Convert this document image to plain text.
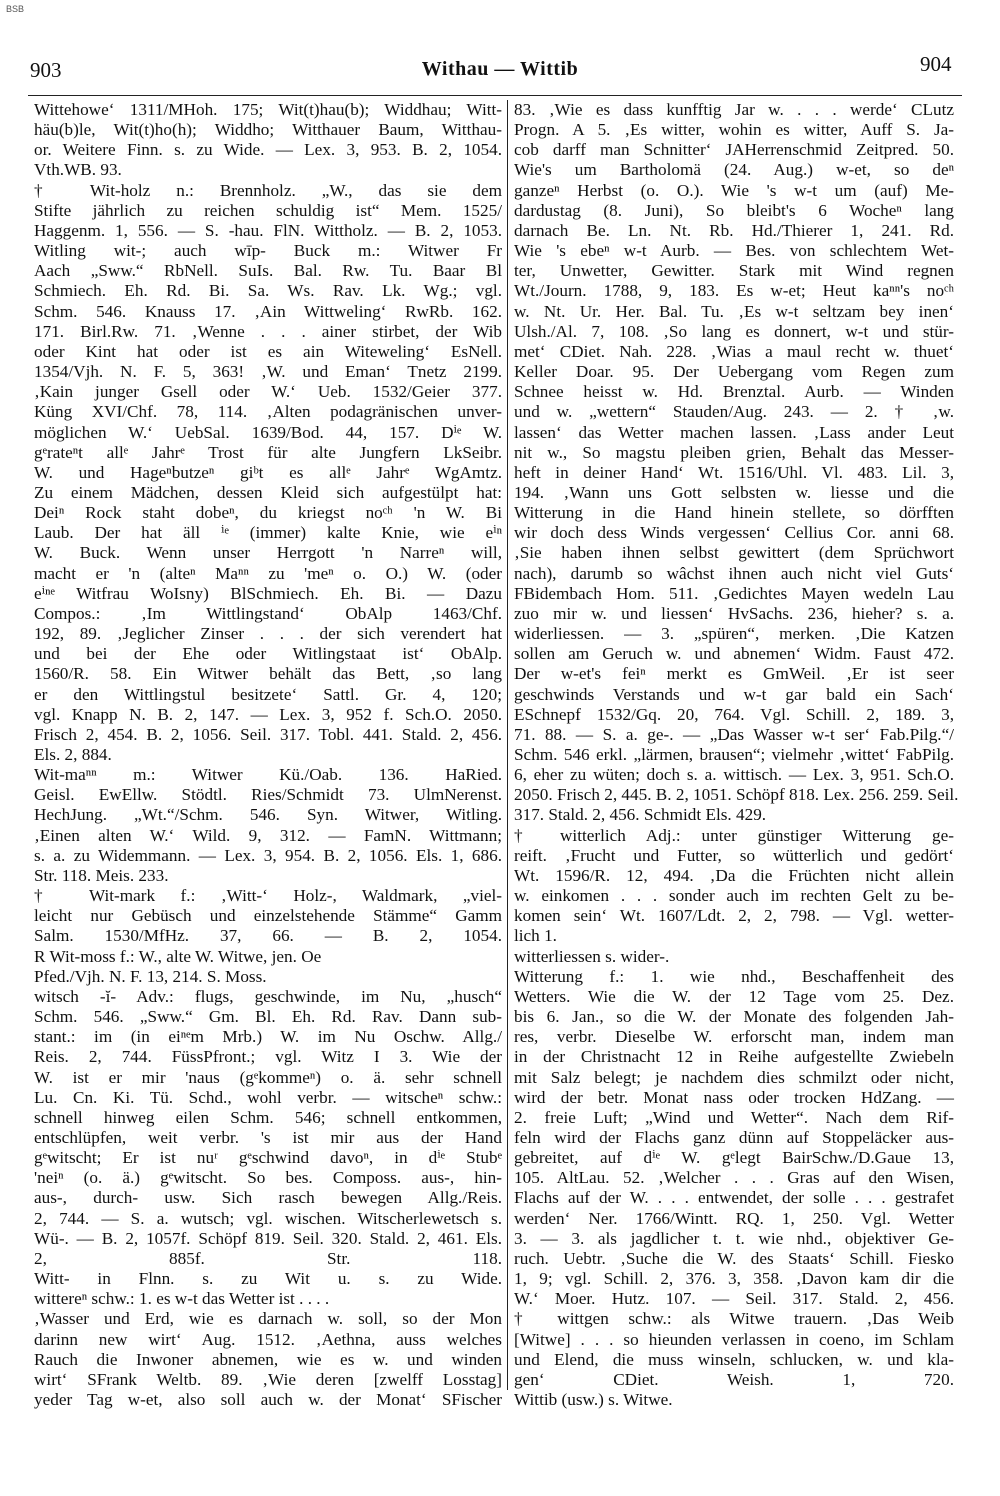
BSB
903	Withau — Wittib	904
Wittehowe‘ 1311/MHoh. 175; Wit(t)hau(b); Widdhau; Witt-
häu(b)le, Wit(t)ho(h); Widdho; Witthauer Baum, Witthau-
or. Weitere Finn. s. zu Wide. — Lex. 3, 953. B. 2, 1054.
Vth.WB. 93.
† Wit-holz n.: Brennholz. „W., das sie dem
Stifte jährlich zu reichen schuldig ist“ Mem. 1525/
Haggenm. 1, 556. — S. -hau. FlN. Wittholz. — B. 2, 1053.
Witling wit-; auch wīp- Buck m.: Witwer Fr
Aach „Sww.“ RbNell. SuIs. Bal. Rw. Tu. Baar Bl
Schmiech. Eh. Rd. Bi. Sa. Ws. Rav. Lk. Wg.; vgl.
Schm. 546. Knauss 17. ‚Ain Wittweling‘ RwRb. 162.
171. Birl.Rw. 71. ‚Wenne . . . ainer stirbet, der Wib
oder Kint hat oder ist es ain Witeweling‘ EsNell.
1354/Vjh. N. F. 5, 363! ‚W. und Eman‘ Tnetz 2199.
‚Kain junger Gsell oder W.‘ Ueb. 1532/Geier 377.
Küng XVI/Chf. 78, 114. ‚Alten podagränischen unver-
möglichen W.‘ UebSal. 1639/Bod. 44, 157. Dⁱᵉ W.
gᵉrateⁿt allᵉ Jahrᵉ Trost für alte Jungfern LkSeibr.
W. und Hageⁿbutzeⁿ giᵇt es allᵉ Jahrᵉ WgAmtz.
Zu einem Mädchen, dessen Kleid sich aufgestülpt hat:
Deiⁿ Rock staht dobeⁿ, du kriegst noᶜʰ 'n W. Bi
Laub. Der hat äll ⁱᵉ (immer) kalte Knie, wie eⁱⁿ
W. Buck. Wenn unser Herrgott 'n Narreⁿ will,
macht er 'n (alteⁿ Maⁿⁿ zu 'meⁿ o. O.) W. (oder
eⁱⁿᵉ Witfrau WoIsny) BlSchmiech. Eh. Bi. — Dazu
Compos.: ‚Im Wittlingstand‘ ObAlp 1463/Chf.
192, 89. ‚Jeglicher Zinser . . . der sich verendert hat
und bei der Ehe oder Witlingstaat ist‘ ObAlp.
1560/R. 58. Ein Witwer behält das Bett, ‚so lang
er den Wittlingstul besitzete‘ Sattl. Gr. 4, 120;
vgl. Knapp N. B. 2, 147. — Lex. 3, 952 f. Sch.O. 2050.
Frisch 2, 454. B. 2, 1056. Seil. 317. Tobl. 441. Stald. 2, 456.
Els. 2, 884.
Wit-maⁿⁿ m.: Witwer Kü./Oab. 136. HaRied.
Geisl. EwEllw. Stödtl. Ries/Schmidt 73. UlmNerenst.
HechJung. „Wt.“/Schm. 546. Syn. Witwer, Witling.
‚Einen alten W.‘ Wild. 9, 312. — FamN. Wittmann;
s. a. zu Widemmann. — Lex. 3, 954. B. 2, 1056. Els. 1, 686.
Str. 118. Meis. 233.
† Wit-mark f.: ‚Witt-‘ Holz-, Waldmark, „viel-
leicht nur Gebüsch und einzelstehende Stämme“ Gamm
Salm. 1530/MfHz. 37, 66. — B. 2, 1054.
R Wit-moss f.: W., alte W. Witwe, jen. Oe
Pfed./Vjh. N. F. 13, 214. S. Moss.
witsch -ĭ- Adv.: flugs, geschwinde, im Nu, „husch“
Schm. 546. „Sww.“ Gm. Bl. Eh. Rd. Rav. Dann sub-
stant.: im (in eiⁿᵉm Mrb.) W. im Nu Oschw. Allg./
Reis. 2, 744. FüssPfront.; vgl. Witz I 3. Wie der
W. ist er mir 'naus (gᵉkommeⁿ) o. ä. sehr schnell
Lu. Cn. Ki. Tü. Schd., wohl verbr. — witscheⁿ schw.:
schnell hinweg eilen Schm. 546; schnell entkommen,
entschlüpfen, weit verbr. 's ist mir aus der Hand
gᵉwitscht; Er ist nuʳ gᵉschwind davoⁿ, in dⁱᵉ Stubᵉ
'neiⁿ (o. ä.) gᵉwitscht. So bes. Composs. aus-, hin-
aus-, durch- usw. Sich rasch bewegen Allg./Reis.
2, 744. — S. a. wutsch; vgl. wischen. Witscherlewetsch s.
Wü-. — B. 2, 1057f. Schöpf 819. Seil. 320. Stald. 2, 461. Els.
2, 885f. Str. 118.
Witt- in Flnn. s. zu Wit u. s. zu Wide.
wittereⁿ schw.: 1. es w-t das Wetter ist . . . .
‚Wasser und Erd, wie es darnach w. soll, so der Mon
darinn new wirt‘ Aug. 1512. ‚Aethna, auss welches
Rauch die Inwoner abnemen, wie es w. und winden
wirt‘ SFrank Weltb. 89. ‚Wie deren [zwelff Losstag]
yeder Tag w-et, also soll auch w. der Monat‘ SFischer
83. ‚Wie es dass kunfftig Jar w. . . . werde‘ CLutz
Progn. A 5. ‚Es witter, wohin es witter, Auff S. Ja-
cob darff man Schnitter‘ JAHerrenschmid Zeitpred. 50.
Wie's um Bartholomä (24. Aug.) w-et, so deⁿ
ganzeⁿ Herbst (o. O.). Wie 's w-t um (auf) Me-
dardustag (8. Juni), So bleibt's 6 Wocheⁿ lang
darnach Be. Ln. Nt. Rb. Hd./Thierer 1, 241. Rd.
Wie 's ebeⁿ w-t Aurb. — Bes. von schlechtem Wet-
ter, Unwetter, Gewitter. Stark mit Wind regnen
Wt./Journ. 1788, 9, 183. Es w-et; Heut kaⁿⁿ's noᶜʰ
w. Nt. Ur. Her. Bal. Tu. ‚Es w-t seltzam bey inen‘
Ulsh./Al. 7, 108. ‚So lang es donnert, w-t und stür-
met‘ CDiet. Nah. 228. ‚Wias a maul recht w. thuet‘
Keller Doar. 95. Der Uebergang vom Regen zum
Schnee heisst w. Hd. Brenztal. Aurb. — Winden
und w. „wettern“ Stauden/Aug. 243. — 2. † ‚w.
lassen‘ das Wetter machen lassen. ‚Lass ander Leut
nit w., So magstu pleiben grien, Behalt das Messer-
heft in deiner Hand‘ Wt. 1516/Uhl. Vl. 483. Lil. 3,
194. ‚Wann uns Gott selbsten w. liesse und die
Witterung in die Hand hinein stellete, so dörfften
wir doch dess Winds vergessen‘ Cellius Cor. anni 68.
‚Sie haben ihnen selbst gewittert (dem Sprüchwort
nach), darumb so wâchst ihnen auch nicht viel Guts‘
FBidembach Hom. 511. ‚Gedichtes Mayen wedeln Lau
zuo mir w. und liessen‘ HvSachs. 236, hieher? s. a.
widerliessen. — 3. „spüren“, merken. ‚Die Katzen
sollen am Geruch w. und abnemen‘ Widm. Faust 472.
Der w-et's feiⁿ merkt es GmWeil. ‚Er ist seer
geschwinds Verstands und w-t gar bald ein Sach‘
ESchnepf 1532/Gq. 20, 764. Vgl. Schill. 2, 189. 3,
71. 88. — S. a. ge-. — „Das Wasser w-t ser‘ Fab.Pilg.“/
Schm. 546 erkl. „lärmen, brausen“; vielmehr ‚wittet‘ FabPilg.
6, eher zu wüten; doch s. a. wittisch. — Lex. 3, 951. Sch.O.
2050. Frisch 2, 445. B. 2, 1051. Schöpf 818. Lex. 256. 259. Seil.
317. Stald. 2, 456. Schmidt Els. 429.
† witterlich Adj.: unter günstiger Witterung ge-
reift. ‚Frucht und Futter, so wütterlich und gedört‘
Wt. 1596/R. 12, 494. ‚Da die Früchten nicht allein
w. einkomen . . . sonder auch im rechten Gelt zu be-
komen sein‘ Wt. 1607/Ldt. 2, 2, 798. — Vgl. wetter-
lich 1.
witterliessen s. wider-.
Witterung f.: 1. wie nhd., Beschaffenheit des
Wetters. Wie die W. der 12 Tage vom 25. Dez.
bis 6. Jan., so die W. der Monate des folgenden Jah-
res, verbr. Dieselbe W. erforscht man, indem man
in der Christnacht 12 in Reihe aufgestellte Zwiebeln
mit Salz belegt; je nachdem dies schmilzt oder nicht,
wird der betr. Monat nass oder trocken HdZang. —
2. freie Luft; „Wind und Wetter“. Nach dem Rif-
feln wird der Flachs ganz dünn auf Stoppeläcker aus-
gebreitet, auf dⁱᵉ W. gᵉlegt BairSchw./D.Gaue 13,
105. AltLau. 52. ‚Welcher . . . Gras auf den Wisen,
Flachs auf der W. . . . entwendet, der solle . . . gestrafet
werden‘ Ner. 1766/Wintt. RQ. 1, 250. Vgl. Wetter
3. — 3. als jagdlicher t. t. wie nhd., objektiver Ge-
ruch. Uebtr. ‚Suche die W. des Staats‘ Schill. Fiesko
1, 9; vgl. Schill. 2, 376. 3, 358. ‚Davon kam dir die
W.‘ Moer. Hutz. 107. — Seil. 317. Stald. 2, 456.
† wittgen schw.: als Witwe trauern. ‚Das Weib
[Witwe] . . . so hieunden verlassen in coeno, im Schlam
und Elend, die muss winseln, schlucken, w. und kla-
gen‘ CDiet. Weish. 1, 720.
Wittib (usw.) s. Witwe.
